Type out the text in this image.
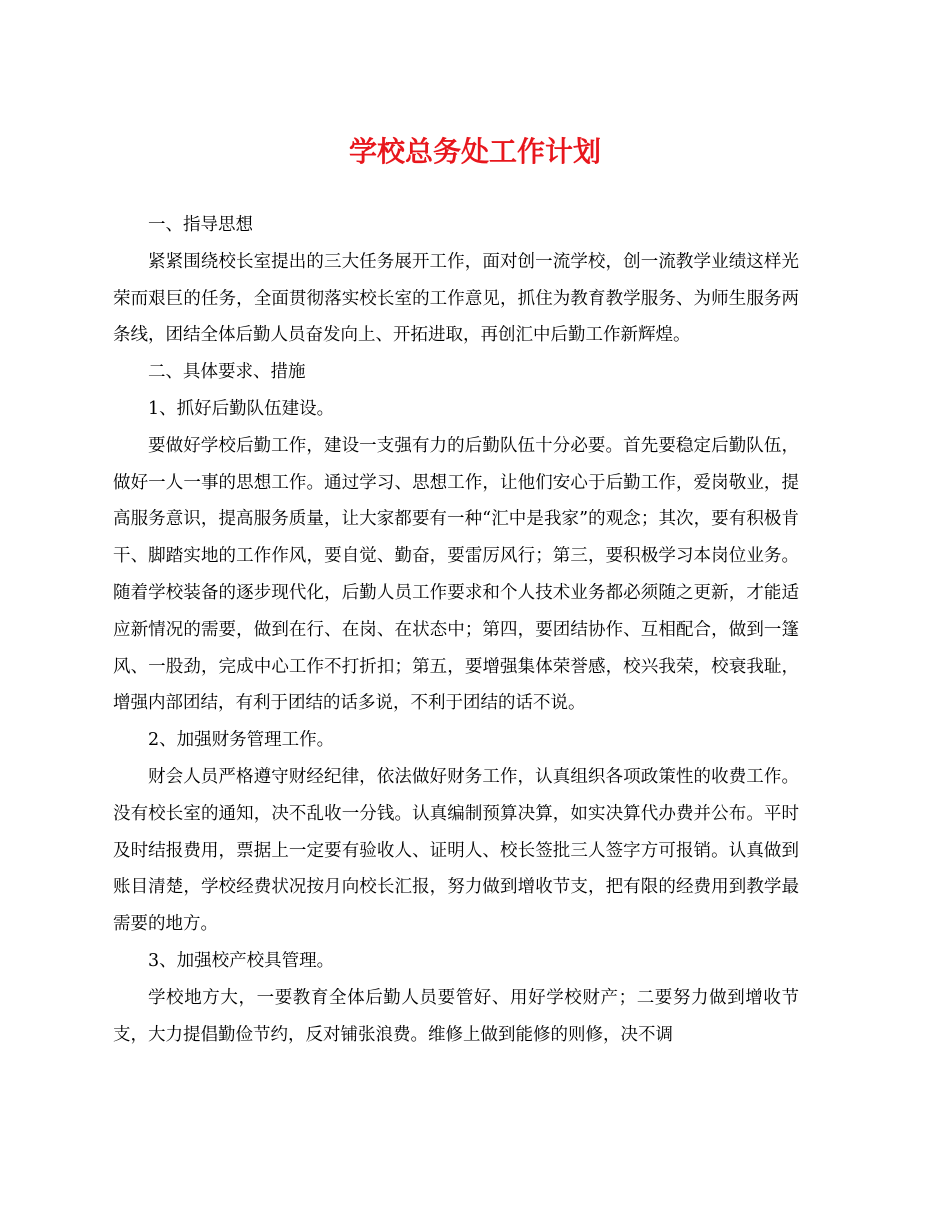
学校总务处工作计划

一、指导思想

紧紧围绕校长室提出的三大任务展开工作，面对创一流学校，创一流教学业绩这样光荣而艰巨的任务，全面贯彻落实校长室的工作意见，抓住为教育教学服务、为师生服务两条线，团结全体后勤人员奋发向上、开拓进取，再创汇中后勤工作新辉煌。

二、具体要求、措施

1、抓好后勤队伍建设。

要做好学校后勤工作，建设一支强有力的后勤队伍十分必要。首先要稳定后勤队伍，做好一人一事的思想工作。通过学习、思想工作，让他们安心于后勤工作，爱岗敬业，提高服务意识，提高服务质量，让大家都要有一种“汇中是我家”的观念；其次，要有积极肯干、脚踏实地的工作作风，要自觉、勤奋，要雷厉风行；第三，要积极学习本岗位业务。随着学校装备的逐步现代化，后勤人员工作要求和个人技术业务都必须随之更新，才能适应新情况的需要，做到在行、在岗、在状态中；第四，要团结协作、互相配合，做到一篷风、一股劲，完成中心工作不打折扣；第五，要增强集体荣誉感，校兴我荣，校衰我耻，增强内部团结，有利于团结的话多说，不利于团结的话不说。

2、加强财务管理工作。

财会人员严格遵守财经纪律，依法做好财务工作，认真组织各项政策性的收费工作。没有校长室的通知，决不乱收一分钱。认真编制预算决算，如实决算代办费并公布。平时及时结报费用，票据上一定要有验收人、证明人、校长签批三人签字方可报销。认真做到账目清楚，学校经费状况按月向校长汇报，努力做到增收节支，把有限的经费用到教学最需要的地方。

3、加强校产校具管理。

学校地方大，一要教育全体后勤人员要管好、用好学校财产；二要努力做到增收节支，大力提倡勤俭节约，反对铺张浪费。维修上做到能修的则修，决不调
